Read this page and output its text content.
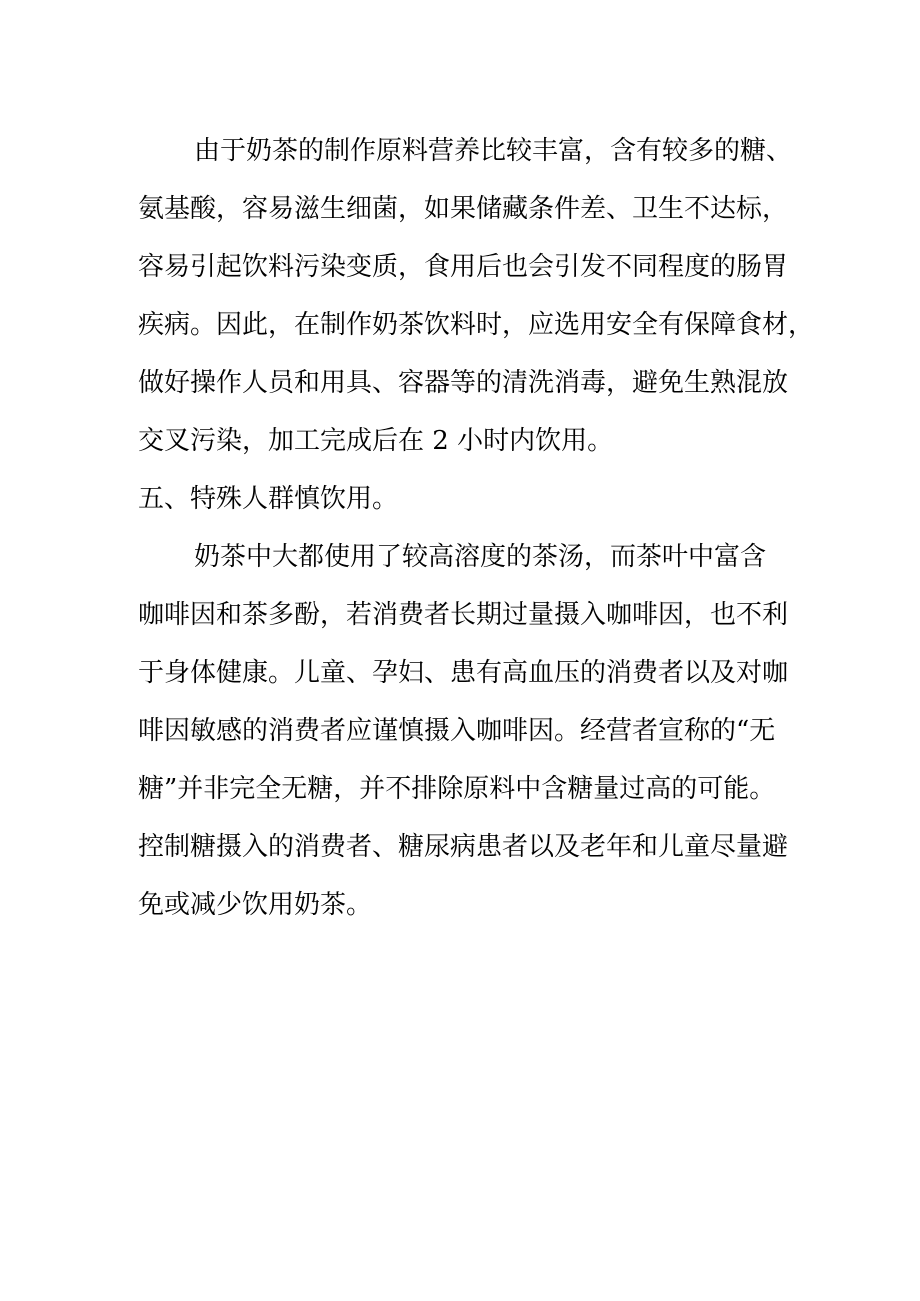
由于奶茶的制作原料营养比较丰富，含有较多的糖、
氨基酸，容易滋生细菌，如果储藏条件差、卫生不达标，
容易引起饮料污染变质，食用后也会引发不同程度的肠胃
疾病。因此，在制作奶茶饮料时，应选用安全有保障食材，
做好操作人员和用具、容器等的清洗消毒，避免生熟混放
交叉污染，加工完成后在 2 小时内饮用。
五、特殊人群慎饮用。
奶茶中大都使用了较高溶度的茶汤，而茶叶中富含
咖啡因和茶多酚，若消费者长期过量摄入咖啡因，也不利
于身体健康。儿童、孕妇、患有高血压的消费者以及对咖
啡因敏感的消费者应谨慎摄入咖啡因。经营者宣称的“无
糖”并非完全无糖，并不排除原料中含糖量过高的可能。
控制糖摄入的消费者、糖尿病患者以及老年和儿童尽量避
免或减少饮用奶茶。
